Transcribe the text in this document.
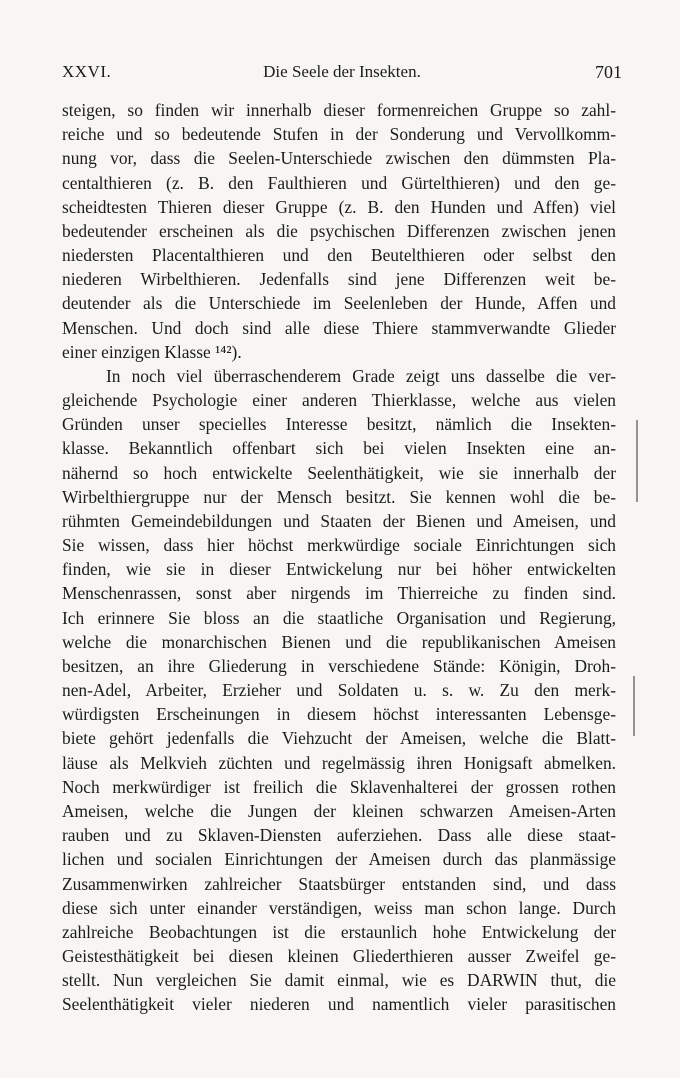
XXVI.	Die Seele der Insekten.	701
steigen, so finden wir innerhalb dieser formenreichen Gruppe so zahl-
reiche und so bedeutende Stufen in der Sonderung und Vervollkomm-
nung vor, dass die Seelen-Unterschiede zwischen den dümmsten Pla-
centalthieren (z. B. den Faulthieren und Gürtelthieren) und den ge-
scheidtesten Thieren dieser Gruppe (z. B. den Hunden und Affen) viel
bedeutender erscheinen als die psychischen Differenzen zwischen jenen
niedersten Placentalthieren und den Beutelthieren oder selbst den
niederen Wirbelthieren. Jedenfalls sind jene Differenzen weit be-
deutender als die Unterschiede im Seelenleben der Hunde, Affen und
Menschen. Und doch sind alle diese Thiere stammverwandte Glieder
einer einzigen Klasse ¹⁴²).
In noch viel überraschenderem Grade zeigt uns dasselbe die ver-
gleichende Psychologie einer anderen Thierklasse, welche aus vielen
Gründen unser specielles Interesse besitzt, nämlich die Insekten-
klasse. Bekanntlich offenbart sich bei vielen Insekten eine an-
nähernd so hoch entwickelte Seelenthätigkeit, wie sie innerhalb der
Wirbelthiergruppe nur der Mensch besitzt. Sie kennen wohl die be-
rühmten Gemeindebildungen und Staaten der Bienen und Ameisen, und
Sie wissen, dass hier höchst merkwürdige sociale Einrichtungen sich
finden, wie sie in dieser Entwickelung nur bei höher entwickelten
Menschenrassen, sonst aber nirgends im Thierreiche zu finden sind.
Ich erinnere Sie bloss an die staatliche Organisation und Regierung,
welche die monarchischen Bienen und die republikanischen Ameisen
besitzen, an ihre Gliederung in verschiedene Stände: Königin, Droh-
nen-Adel, Arbeiter, Erzieher und Soldaten u. s. w. Zu den merk-
würdigsten Erscheinungen in diesem höchst interessanten Lebensge-
biete gehört jedenfalls die Viehzucht der Ameisen, welche die Blatt-
läuse als Melkvieh züchten und regelmässig ihren Honigsaft abmelken.
Noch merkwürdiger ist freilich die Sklavenhalterei der grossen rothen
Ameisen, welche die Jungen der kleinen schwarzen Ameisen-Arten
rauben und zu Sklaven-Diensten auferziehen. Dass alle diese staat-
lichen und socialen Einrichtungen der Ameisen durch das planmässige
Zusammenwirken zahlreicher Staatsbürger entstanden sind, und dass
diese sich unter einander verständigen, weiss man schon lange. Durch
zahlreiche Beobachtungen ist die erstaunlich hohe Entwickelung der
Geistesthätigkeit bei diesen kleinen Gliederthieren ausser Zweifel ge-
stellt. Nun vergleichen Sie damit einmal, wie es DARWIN thut, die
Seelenthätigkeit vieler niederen und namentlich vieler parasitischen
